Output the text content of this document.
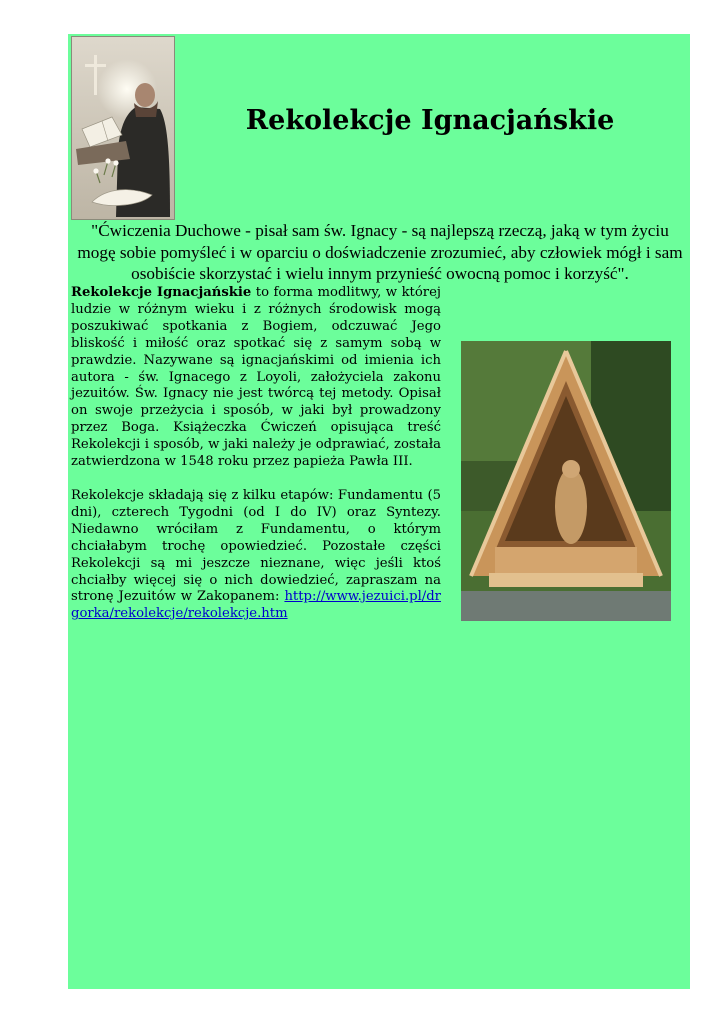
Rekolekcje Ignacjańskie

"Ćwiczenia Duchowe - pisał sam św. Ignacy - są najlepszą rzeczą, jaką w tym życiu mogę sobie pomyśleć i w oparciu o doświadczenie zrozumieć, aby człowiek mógł i sam osobiście skorzystać i wielu innym przynieść owocną pomoc i korzyść".

Rekolekcje Ignacjańskie to forma modlitwy, w której ludzie w różnym wieku i z różnych środowisk mogą poszukiwać spotkania z Bogiem, odczuwać Jego bliskość i miłość oraz spotkać się z samym sobą w prawdzie. Nazywane są ignacjańskimi od imienia ich autora - św. Ignacego z Loyoli, założyciela zakonu jezuitów. Św. Ignacy nie jest twórcą tej metody. Opisał on swoje przeżycia i sposób, w jaki był prowadzony przez Boga. Książeczka Ćwiczeń opisująca treść Rekolekcji i sposób, w jaki należy je odprawiać, została zatwierdzona w 1548 roku przez papieża Pawła III.

Rekolekcje składają się z kilku etapów: Fundamentu (5 dni), czterech Tygodni (od I do IV) oraz Syntezy. Niedawno wróciłam z Fundamentu, o którym chciałabym trochę opowiedzieć. Pozostałe części Rekolekcji są mi jeszcze nieznane, więc jeśli ktoś chciałby więcej się o nich dowiedzieć, zapraszam na stronę Jezuitów w Zakopanem: http://www.jezuici.pl/drgorka/rekolekcje/rekolekcje.htm
